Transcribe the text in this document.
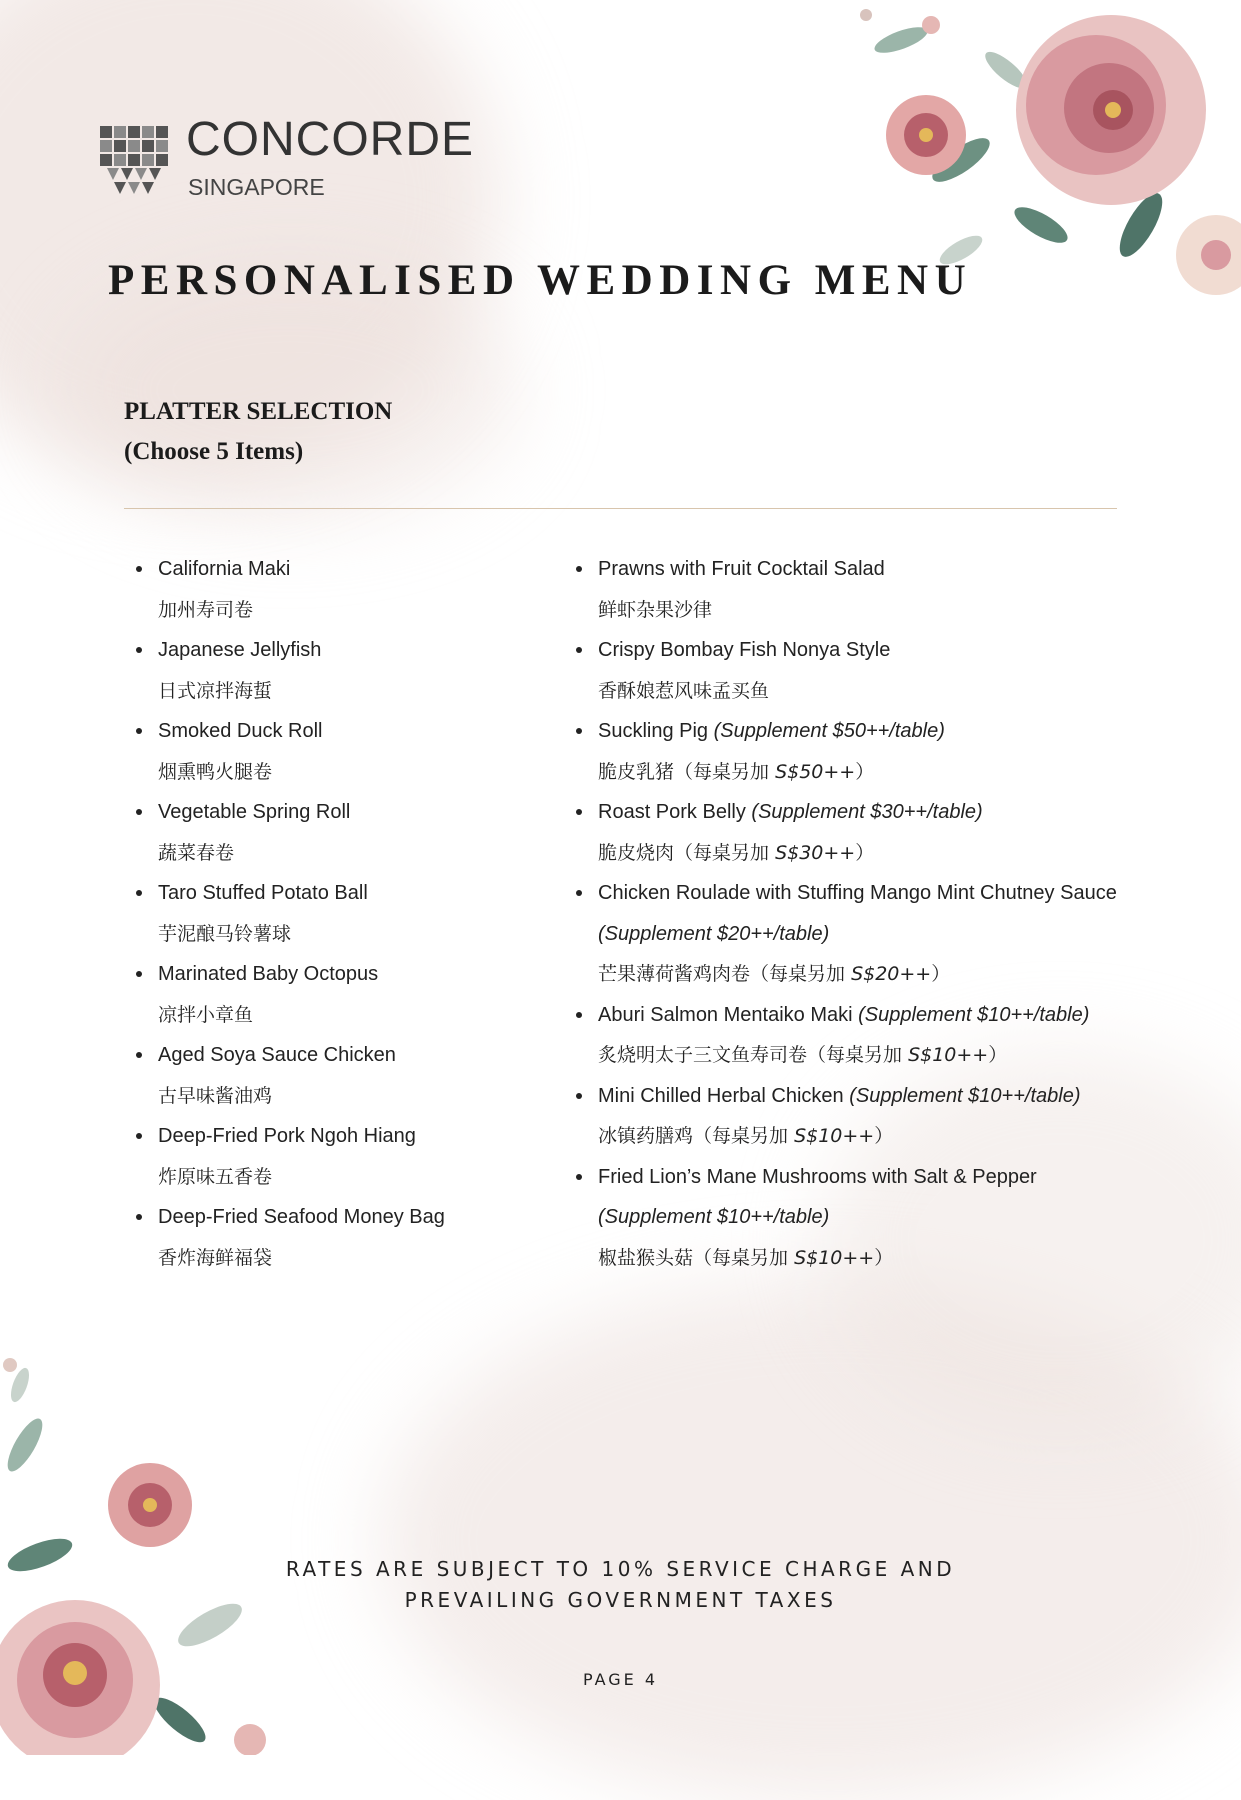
CONCORDE
SINGAPORE
PERSONALISED WEDDING MENU
PLATTER SELECTION
(Choose 5 Items)
California Maki
加州寿司卷
Japanese Jellyfish
日式凉拌海蜇
Smoked Duck Roll
烟熏鸭火腿卷
Vegetable Spring Roll
蔬菜春卷
Taro Stuffed Potato Ball
芋泥酿马铃薯球
Marinated Baby Octopus
凉拌小章鱼
Aged Soya Sauce Chicken
古早味酱油鸡
Deep-Fried Pork Ngoh Hiang
炸原味五香卷
Deep-Fried Seafood Money Bag
香炸海鲜福袋
Prawns with Fruit Cocktail Salad
鲜虾杂果沙律
Crispy Bombay Fish Nonya Style
香酥娘惹风味孟买鱼
Suckling Pig (Supplement $50++/table)
脆皮乳猪（每桌另加 S$50++）
Roast Pork Belly (Supplement $30++/table)
脆皮烧肉（每桌另加 S$30++）
Chicken Roulade with Stuffing Mango Mint Chutney Sauce
(Supplement $20++/table)
芒果薄荷酱鸡肉卷（每桌另加 S$20++）
Aburi Salmon Mentaiko Maki (Supplement $10++/table)
炙烧明太子三文鱼寿司卷（每桌另加 S$10++）
Mini Chilled Herbal Chicken (Supplement $10++/table)
冰镇药膳鸡（每桌另加 S$10++）
Fried Lion’s Mane Mushrooms with Salt & Pepper
(Supplement $10++/table)
椒盐猴头菇（每桌另加 S$10++）
RATES ARE SUBJECT TO 10% SERVICE CHARGE AND
PREVAILING GOVERNMENT TAXES
PAGE 4
